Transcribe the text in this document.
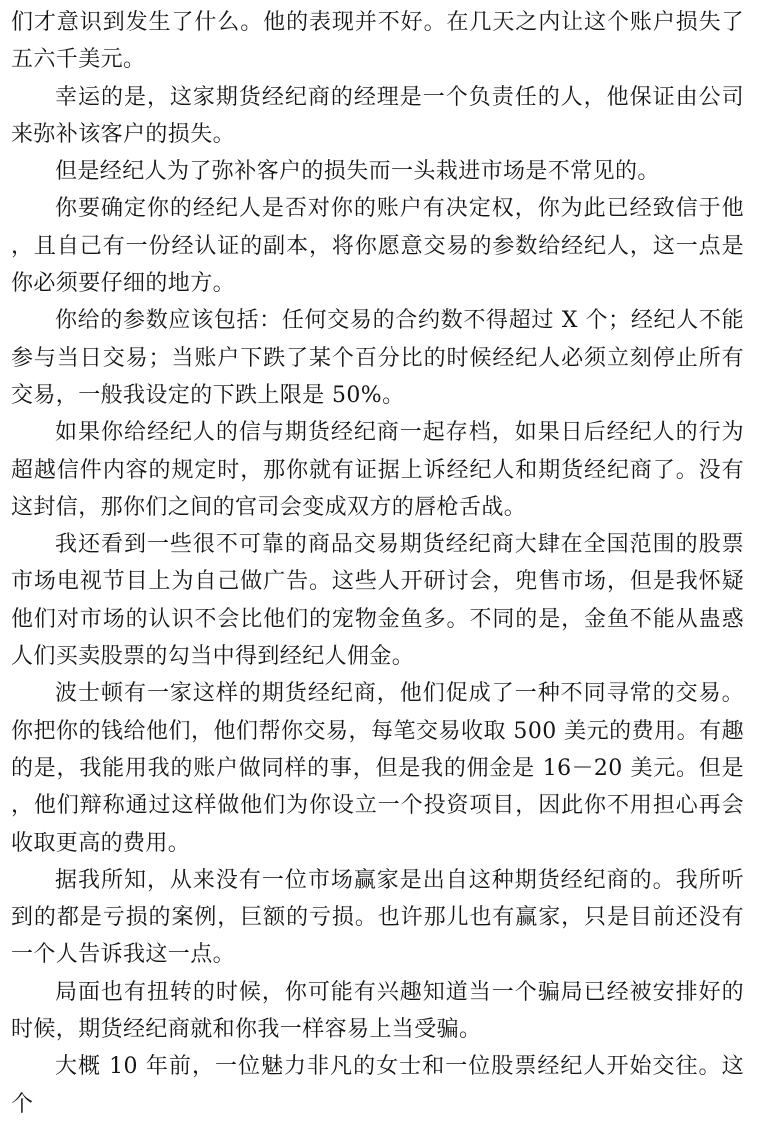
们才意识到发生了什么。他的表现并不好。在几天之内让这个账户损失了五六千美元。

幸运的是，这家期货经纪商的经理是一个负责任的人，他保证由公司来弥补该客户的损失。

但是经纪人为了弥补客户的损失而一头栽进市场是不常见的。

你要确定你的经纪人是否对你的账户有决定权，你为此已经致信于他，且自己有一份经认证的副本，将你愿意交易的参数给经纪人，这一点是你必须要仔细的地方。

你给的参数应该包括：任何交易的合约数不得超过 X 个；经纪人不能参与当日交易；当账户下跌了某个百分比的时候经纪人必须立刻停止所有交易，一般我设定的下跌上限是 50%。

如果你给经纪人的信与期货经纪商一起存档，如果日后经纪人的行为超越信件内容的规定时，那你就有证据上诉经纪人和期货经纪商了。没有这封信，那你们之间的官司会变成双方的唇枪舌战。

我还看到一些很不可靠的商品交易期货经纪商大肆在全国范围的股票市场电视节目上为自己做广告。这些人开研讨会，兜售市场，但是我怀疑他们对市场的认识不会比他们的宠物金鱼多。不同的是，金鱼不能从蛊惑人们买卖股票的勾当中得到经纪人佣金。

波士顿有一家这样的期货经纪商，他们促成了一种不同寻常的交易。你把你的钱给他们，他们帮你交易，每笔交易收取 500 美元的费用。有趣的是，我能用我的账户做同样的事，但是我的佣金是 16－20 美元。但是，他们辩称通过这样做他们为你设立一个投资项目，因此你不用担心再会收取更高的费用。

据我所知，从来没有一位市场赢家是出自这种期货经纪商的。我所听到的都是亏损的案例，巨额的亏损。也许那儿也有赢家，只是目前还没有一个人告诉我这一点。

局面也有扭转的时候，你可能有兴趣知道当一个骗局已经被安排好的时候，期货经纪商就和你我一样容易上当受骗。

大概 10 年前，一位魅力非凡的女士和一位股票经纪人开始交往。这个
